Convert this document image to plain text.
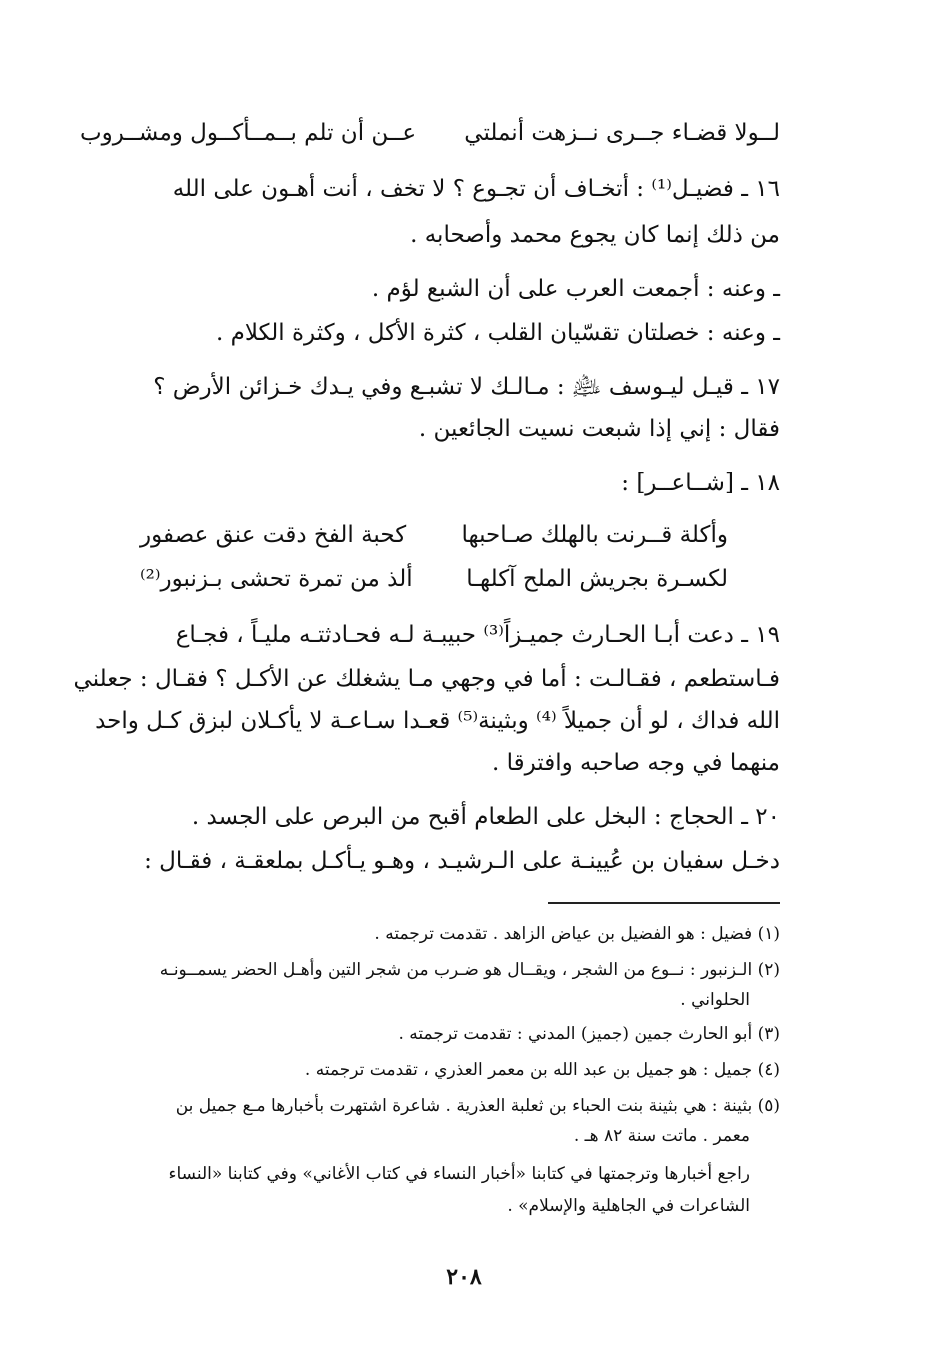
لــولا قضـاء جــرى نــزهت أنملتي
عــن أن تلم بــمــأكــول ومشــروب
١٦ ـ فضيـل⁽¹⁾ : أتخـاف أن تجـوع ؟ لا تخف ، أنت أهـون على الله
من ذلك إنما كان يجوع محمد وأصحابه .
ـ وعنه : أجمعت العرب على أن الشبع لؤم .
ـ وعنه : خصلتان تقسّيان القلب ، كثرة الأكل ، وكثرة الكلام .
١٧ ـ قيـل ليـوسف ﵇ : مـالـك لا تشبـع وفي يـدك خـزائن الأرض ؟
فقال : إني إذا شبعت نسيت الجائعين .
١٨ ـ [شــاعــر] :
وأكلة قــرنت بالهلك صـاحبها
كحبة الفخ دقت عنق عصفور
لكسـرة بجريش الملح آكلهـا
ألذ من تمرة تحشى بـزنبور⁽²⁾
١٩ ـ دعت أبـا الحـارث جميـزاً⁽³⁾ حبيبـة لـه فحـادثتـه مليـاً ، فجـاع
فـاستطعم ، فقـالـت : أما في وجهي مـا يشغلك عن الأكـل ؟ فقـال : جعلني
الله فداك ، لو أن جميلاً ⁽⁴⁾ وبثينة⁽⁵⁾ قعـدا سـاعـة لا يأكـلان لبزق كـل واحد
منهما في وجه صاحبه وافترقا .
٢٠ ـ الحجاج : البخل على الطعام أقبح من البرص على الجسد .
دخـل سفيان بن عُيينـة على الـرشيـد ، وهـو يـأكـل بملعقـة ، فقـال :
(١) فضيل : هو الفضيل بن عياض الزاهد . تقدمت ترجمته .
(٢) الـزنبور : نــوع من الشجر ، ويقــال هو ضـرب من شجر التين وأهـل الحضر يسمــونـه
الحلواني .
(٣) أبو الحارث جمين (جميز) المدني : تقدمت ترجمته .
(٤) جميل : هو جميل بن عبد الله بن معمر العذري ، تقدمت ترجمته .
(٥) بثينة : هي بثينة بنت الحباء بن ثعلبة العذرية . شاعرة اشتهرت بأخبارها مـع جميل بن
معمر . ماتت سنة ٨٢ هـ .
راجع أخبارها وترجمتها في كتابنا «أخبار النساء في كتاب الأغاني» وفي كتابنا «النساء
الشاعرات في الجاهلية والإسلام» .
٢٠٨
